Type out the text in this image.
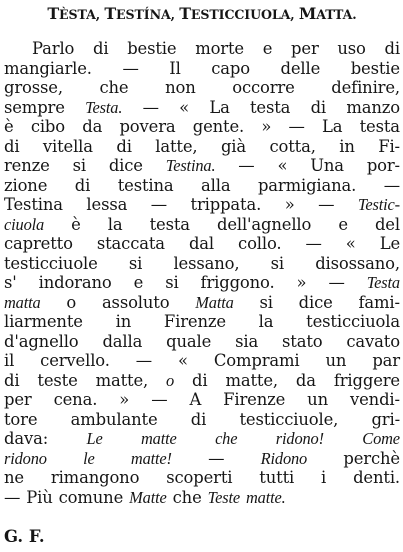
TÈSTA, TESTÍNA, TESTICCIUOLA, MATTA.
Parlo di bestie morte e per uso di
mangiarle. — Il capo delle bestie
grosse, che non occorre definire,
sempre Testa. — « La testa di manzo
è cibo da povera gente. » — La testa
di vitella di latte, già cotta, in Fi-
renze si dice Testina. — « Una por-
zione di testina alla parmigiana. —
Testina lessa — trippata. » — Testic-
ciuola è la testa dell'agnello e del
capretto staccata dal collo. — « Le
testicciuole si lessano, si disossano,
s' indorano e si friggono. » — Testa
matta o assoluto Matta si dice fami-
liarmente in Firenze la testicciuola
d'agnello dalla quale sia stato cavato
il cervello. — « Comprami un par
di teste matte, o di matte, da friggere
per cena. » — A Firenze un vendi-
tore ambulante di testicciuole, gri-
dava: Le matte che ridono! Come
ridono le matte! — Ridono perchè
ne rimangono scoperti tutti i denti.
— Più comune Matte che Teste matte.
G. F.
